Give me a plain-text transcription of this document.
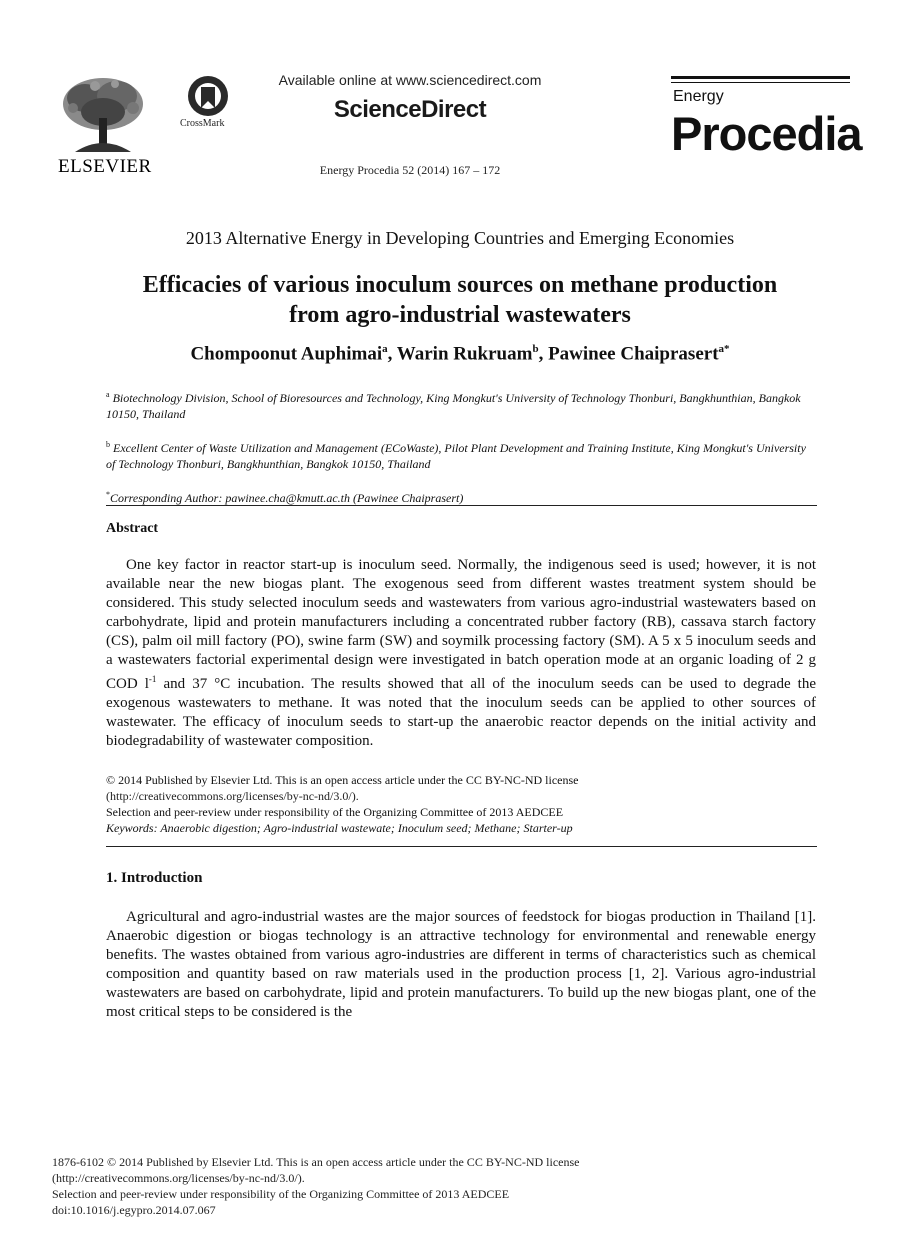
ELSEVIER
CrossMark
Available online at www.sciencedirect.com
ScienceDirect
Energy Procedia 52 (2014) 167 – 172
Energy
Procedia
2013 Alternative Energy in Developing Countries and Emerging Economies
Efficacies of various inoculum sources on methane production
from agro-industrial wastewaters
Chompoonut Auphimai$^a$, Warin Rukruam$^b$, Pawinee Chaiprasert$^{a*}$
$^a$ Biotechnology Division, School of Bioresources and Technology, King Mongkut's University of Technology Thonburi, Bangkhunthian, Bangkok 10150, Thailand
$^b$ Excellent Center of Waste Utilization and Management (ECoWaste), Pilot Plant Development and Training Institute, King Mongkut's University of Technology Thonburi, Bangkhunthian, Bangkok 10150, Thailand
*Corresponding Author: pawinee.cha@kmutt.ac.th (Pawinee Chaiprasert)
Abstract
One key factor in reactor start-up is inoculum seed. Normally, the indigenous seed is used; however, it is not available near the new biogas plant. The exogenous seed from different wastes treatment system should be considered. This study selected inoculum seeds and wastewaters from various agro-industrial wastewaters based on carbohydrate, lipid and protein manufacturers including a concentrated rubber factory (RB), cassava starch factory (CS), palm oil mill factory (PO), swine farm (SW) and soymilk processing factory (SM). A 5 x 5 inoculum seeds and a wastewaters factorial experimental design were investigated in batch operation mode at an organic loading of 2 g COD $l^{-1}$ and 37 °C incubation. The results showed that all of the inoculum seeds can be used to degrade the exogenous wastewaters to methane. It was noted that the inoculum seeds can be applied to other sources of wastewater. The efficacy of inoculum seeds to start-up the anaerobic reactor depends on the initial activity and biodegradability of wastewater composition.
© 2014 Published by Elsevier Ltd. This is an open access article under the CC BY-NC-ND license
(http://creativecommons.org/licenses/by-nc-nd/3.0/).
Selection and peer-review under responsibility of the Organizing Committee of 2013 AEDCEE
Keywords: Anaerobic digestion; Agro-industrial wastewate; Inoculum seed; Methane; Starter-up
1. Introduction
Agricultural and agro-industrial wastes are the major sources of feedstock for biogas production in Thailand [1]. Anaerobic digestion or biogas technology is an attractive technology for environmental and renewable energy benefits. The wastes obtained from various agro-industries are different in terms of characteristics such as chemical composition and quantity based on raw materials used in the production process [1, 2]. Various agro-industrial wastewaters are based on carbohydrate, lipid and protein manufacturers. To build up the new biogas plant, one of the most critical steps to be considered is the
1876-6102 © 2014 Published by Elsevier Ltd. This is an open access article under the CC BY-NC-ND license
(http://creativecommons.org/licenses/by-nc-nd/3.0/).
Selection and peer-review under responsibility of the Organizing Committee of 2013 AEDCEE
doi:10.1016/j.egypro.2014.07.067
